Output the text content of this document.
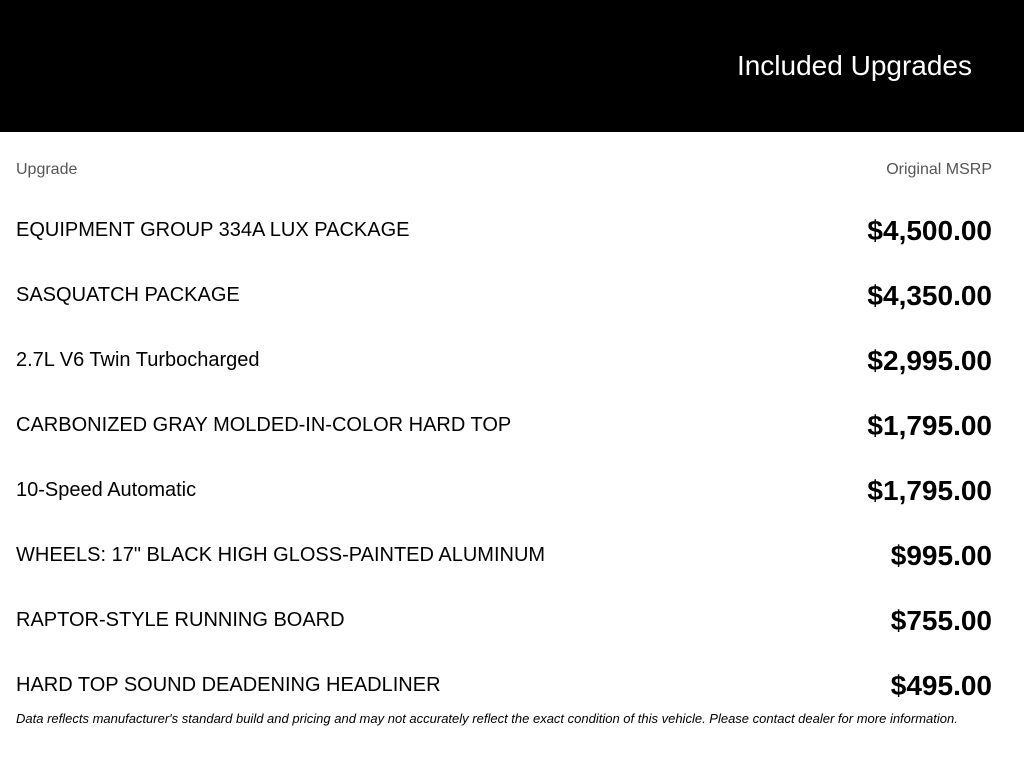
Included Upgrades
Upgrade	Original MSRP
EQUIPMENT GROUP 334A LUX PACKAGE	$4,500.00
SASQUATCH PACKAGE	$4,350.00
2.7L V6 Twin Turbocharged	$2,995.00
CARBONIZED GRAY MOLDED-IN-COLOR HARD TOP	$1,795.00
10-Speed Automatic	$1,795.00
WHEELS: 17" BLACK HIGH GLOSS-PAINTED ALUMINUM	$995.00
RAPTOR-STYLE RUNNING BOARD	$755.00
HARD TOP SOUND DEADENING HEADLINER	$495.00
Data reflects manufacturer's standard build and pricing and may not accurately reflect the exact condition of this vehicle. Please contact dealer for more information.
